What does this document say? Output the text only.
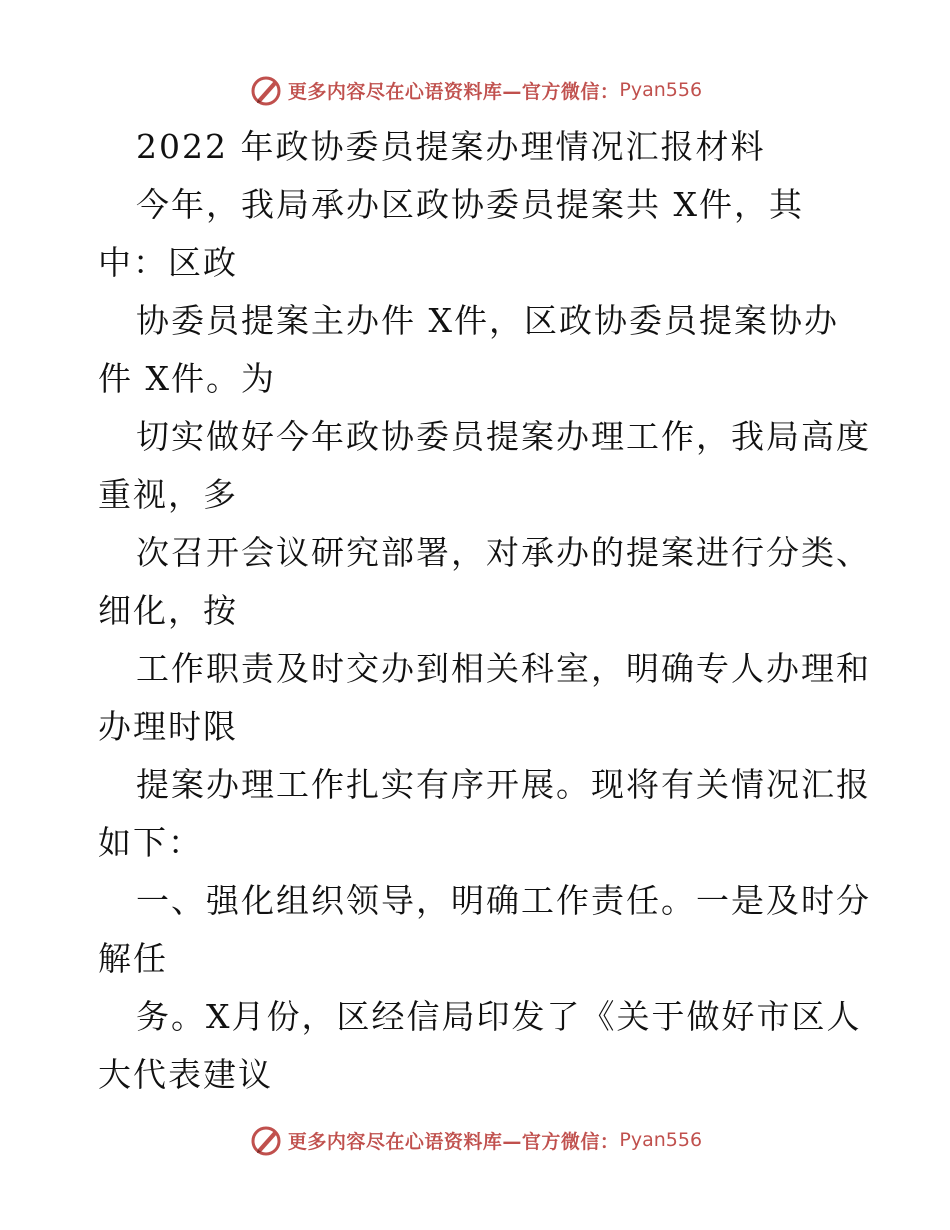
更多内容尽在心语资料库—官方微信： Pyan556
2022 年政协委员提案办理情况汇报材料
今年，我局承办区政协委员提案共 X件，其
中：区政
协委员提案主办件 X件，区政协委员提案协办
件 X件。为
切实做好今年政协委员提案办理工作，我局高度
重视，多
次召开会议研究部署，对承办的提案进行分类、
细化，按
工作职责及时交办到相关科室，明确专人办理和
办理时限
提案办理工作扎实有序开展。现将有关情况汇报
如下：
一、强化组织领导，明确工作责任。一是及时分
解任
务。X月份，区经信局印发了《关于做好市区人
大代表建议
更多内容尽在心语资料库—官方微信： Pyan556
